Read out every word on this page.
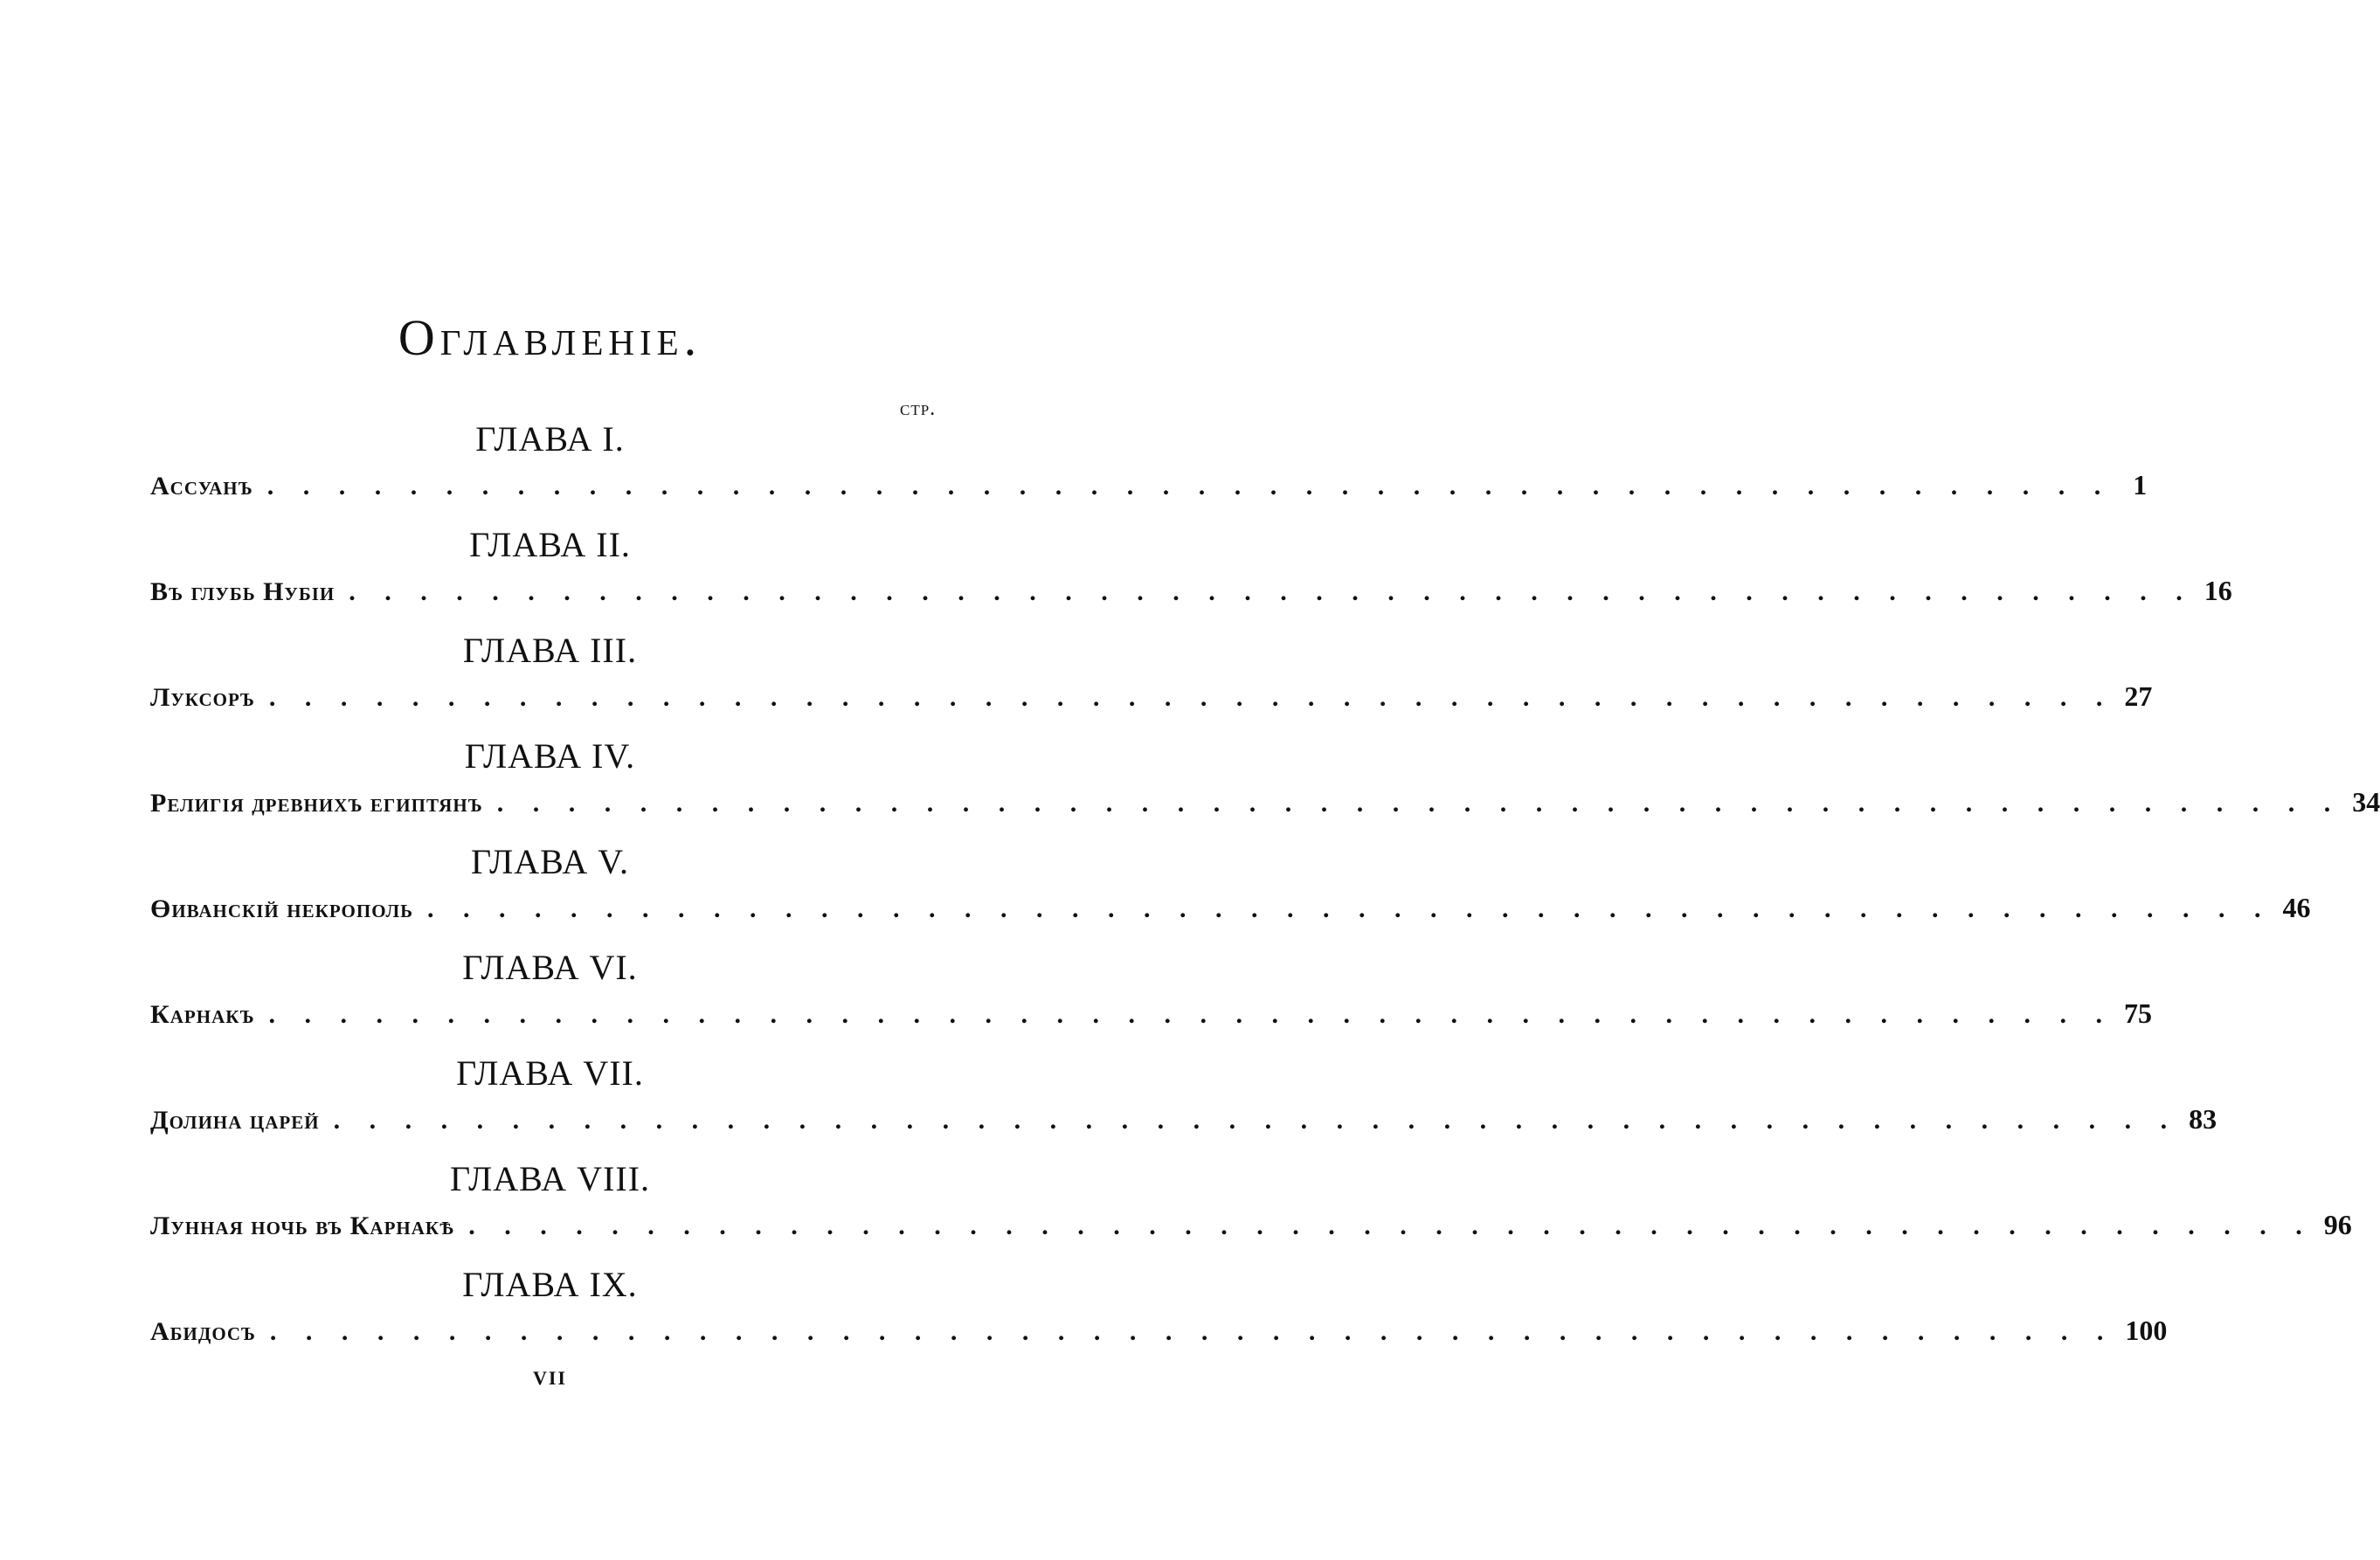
Оглавленіе.
стр.
ГЛАВА I.
Ассуанъ . . . . . . . . . . . . . . . . . . . . . . . . . . . . . . . . . . . . . . . . . . . . . . . . . . . . 1
ГЛАВА II.
Въ глубь Нубіи . . . . . . . . . . . . . . . . . . . . . . . . . . . . . . . . . . . . . . . . . . . . . . . . . . . . 16
ГЛАВА III.
Луксоръ . . . . . . . . . . . . . . . . . . . . . . . . . . . . . . . . . . . . . . . . . . . . . . . . . . . . 27
ГЛАВА IV.
Религія древнихъ египтянъ . . . . . . . . . . . . . . . . . . . . . . . . . . . . . . . . . . . . . . . . . . . . . . . . . . . . 34
ГЛАВА V.
Өиванскій некрополь . . . . . . . . . . . . . . . . . . . . . . . . . . . . . . . . . . . . . . . . . . . . . . . . . . . . 46
ГЛАВА VI.
Карнакъ . . . . . . . . . . . . . . . . . . . . . . . . . . . . . . . . . . . . . . . . . . . . . . . . . . . . 75
ГЛАВА VII.
Долина царей . . . . . . . . . . . . . . . . . . . . . . . . . . . . . . . . . . . . . . . . . . . . . . . . . . . . 83
ГЛАВА VIII.
Лунная ночь въ Карнакѣ . . . . . . . . . . . . . . . . . . . . . . . . . . . . . . . . . . . . . . . . . . . . . . . . . . . . 96
ГЛАВА IX.
Абидосъ . . . . . . . . . . . . . . . . . . . . . . . . . . . . . . . . . . . . . . . . . . . . . . . . . . . . 100
VII
